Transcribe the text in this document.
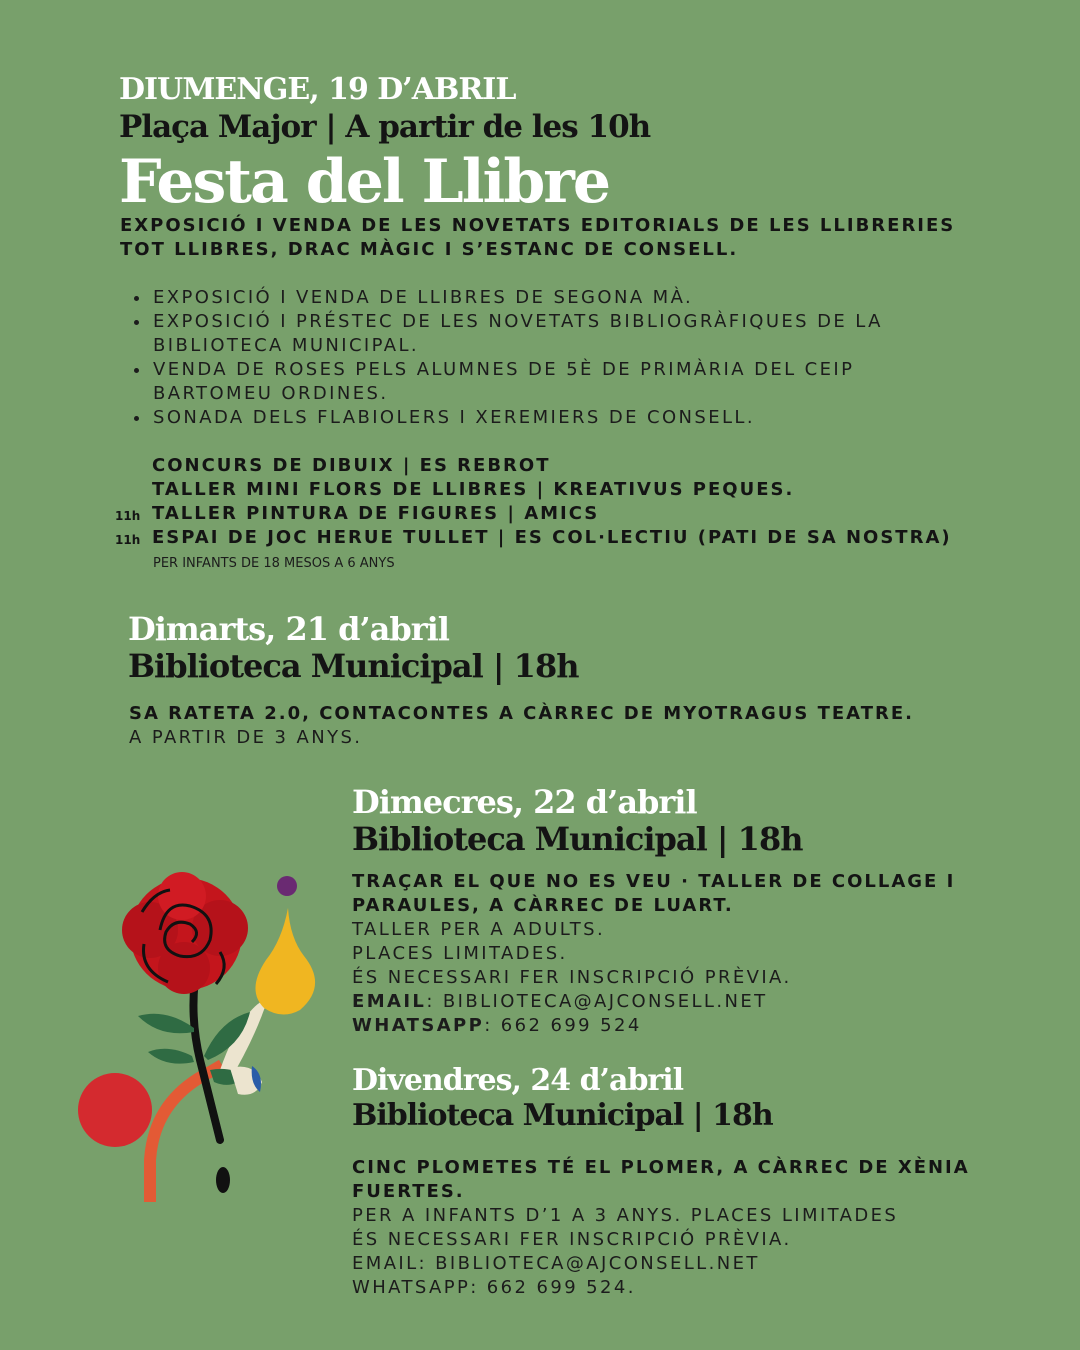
DIUMENGE, 19 D’ABRIL
Plaça Major | A partir de les 10h
Festa del Llibre
EXPOSICIÓ I VENDA DE LES NOVETATS EDITORIALS DE LES LLIBRERIES
TOT LLIBRES, DRAC MÀGIC I S’ESTANC DE CONSELL.
EXPOSICIÓ I VENDA DE LLIBRES DE SEGONA MÀ.
EXPOSICIÓ I PRÉSTEC DE LES NOVETATS BIBLIOGRÀFIQUES DE LA
BIBLIOTECA MUNICIPAL.
VENDA DE ROSES PELS ALUMNES DE 5È DE PRIMÀRIA DEL CEIP
BARTOMEU ORDINES.
SONADA DELS FLABIOLERS I XEREMIERS DE CONSELL.
CONCURS DE DIBUIX | ES REBROT
TALLER MINI FLORS DE LLIBRES | KREATIVUS PEQUES.
11h TALLER PINTURA DE FIGURES | AMICS
11h ESPAI DE JOC HERUE TULLET | ES COL·LECTIU (PATI DE SA NOSTRA)
PER INFANTS DE 18 MESOS A 6 ANYS
Dimarts, 21 d’abril
Biblioteca Municipal | 18h
SA RATETA 2.0, CONTACONTES A CÀRREC DE MYOTRAGUS TEATRE.
A PARTIR DE 3 ANYS.
Dimecres, 22 d’abril
Biblioteca Municipal | 18h
TRAÇAR EL QUE NO ES VEU · TALLER DE COLLAGE I
PARAULES, A CÀRREC DE LUART.
TALLER PER A ADULTS.
PLACES LIMITADES.
ÉS NECESSARI FER INSCRIPCIÓ PRÈVIA.
EMAIL: BIBLIOTECA@AJCONSELL.NET
WHATSAPP: 662 699 524
Divendres, 24 d’abril
Biblioteca Municipal | 18h
CINC PLOMETES TÉ EL PLOMER, A CÀRREC DE XÈNIA
FUERTES.
PER A INFANTS D’1 A 3 ANYS. PLACES LIMITADES
ÉS NECESSARI FER INSCRIPCIÓ PRÈVIA.
EMAIL: BIBLIOTECA@AJCONSELL.NET
WHATSAPP: 662 699 524.
